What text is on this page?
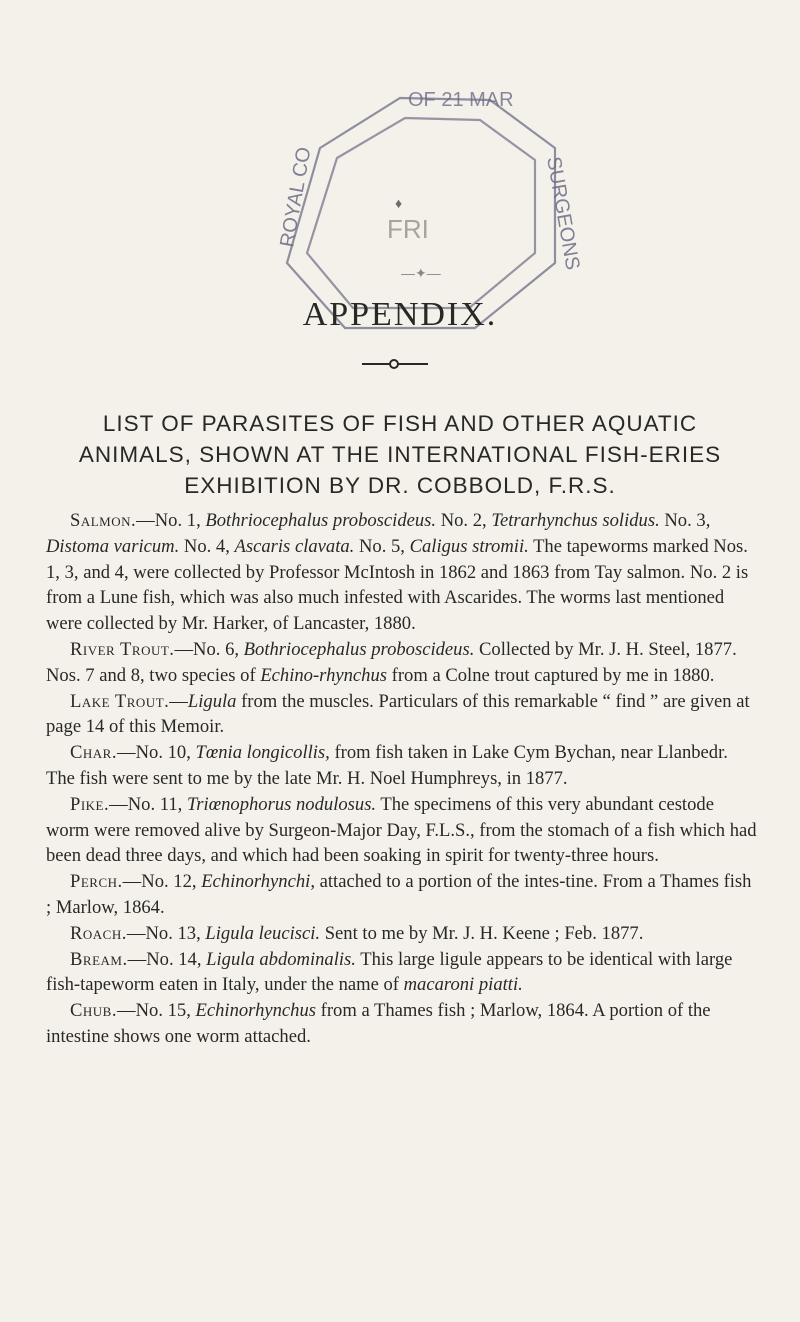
ROYAL CO	SURGEONS
FRI
♦
—✦—
OF 21 MAR
APPENDIX.
LIST OF PARASITES OF FISH AND OTHER AQUATIC ANIMALS, SHOWN AT THE INTERNATIONAL FISH-ERIES EXHIBITION BY DR. COBBOLD, F.R.S.

Salmon.—No. 1, Bothriocephalus proboscideus. No. 2, Tetrarhynchus solidus. No. 3, Distoma varicum. No. 4, Ascaris clavata. No. 5, Caligus stromii. The tapeworms marked Nos. 1, 3, and 4, were collected by Professor McIntosh in 1862 and 1863 from Tay salmon. No. 2 is from a Lune fish, which was also much infested with Ascarides. The worms last mentioned were collected by Mr. Harker, of Lancaster, 1880.

River Trout.—No. 6, Bothriocephalus proboscideus. Collected by Mr. J. H. Steel, 1877. Nos. 7 and 8, two species of Echino-rhynchus from a Colne trout captured by me in 1880.

Lake Trout.—Ligula from the muscles. Particulars of this remarkable “ find ” are given at page 14 of this Memoir.

Char.—No. 10, Tœnia longicollis, from fish taken in Lake Cym Bychan, near Llanbedr. The fish were sent to me by the late Mr. H. Noel Humphreys, in 1877.

Pike.—No. 11, Triœnophorus nodulosus. The specimens of this very abundant cestode worm were removed alive by Surgeon-Major Day, F.L.S., from the stomach of a fish which had been dead three days, and which had been soaking in spirit for twenty-three hours.

Perch.—No. 12, Echinorhynchi, attached to a portion of the intes-tine. From a Thames fish ; Marlow, 1864.

Roach.—No. 13, Ligula leucisci. Sent to me by Mr. J. H. Keene ; Feb. 1877.

Bream.—No. 14, Ligula abdominalis. This large ligule appears to be identical with large fish-tapeworm eaten in Italy, under the name of macaroni piatti.

Chub.—No. 15, Echinorhynchus from a Thames fish ; Marlow, 1864. A portion of the intestine shows one worm attached.
